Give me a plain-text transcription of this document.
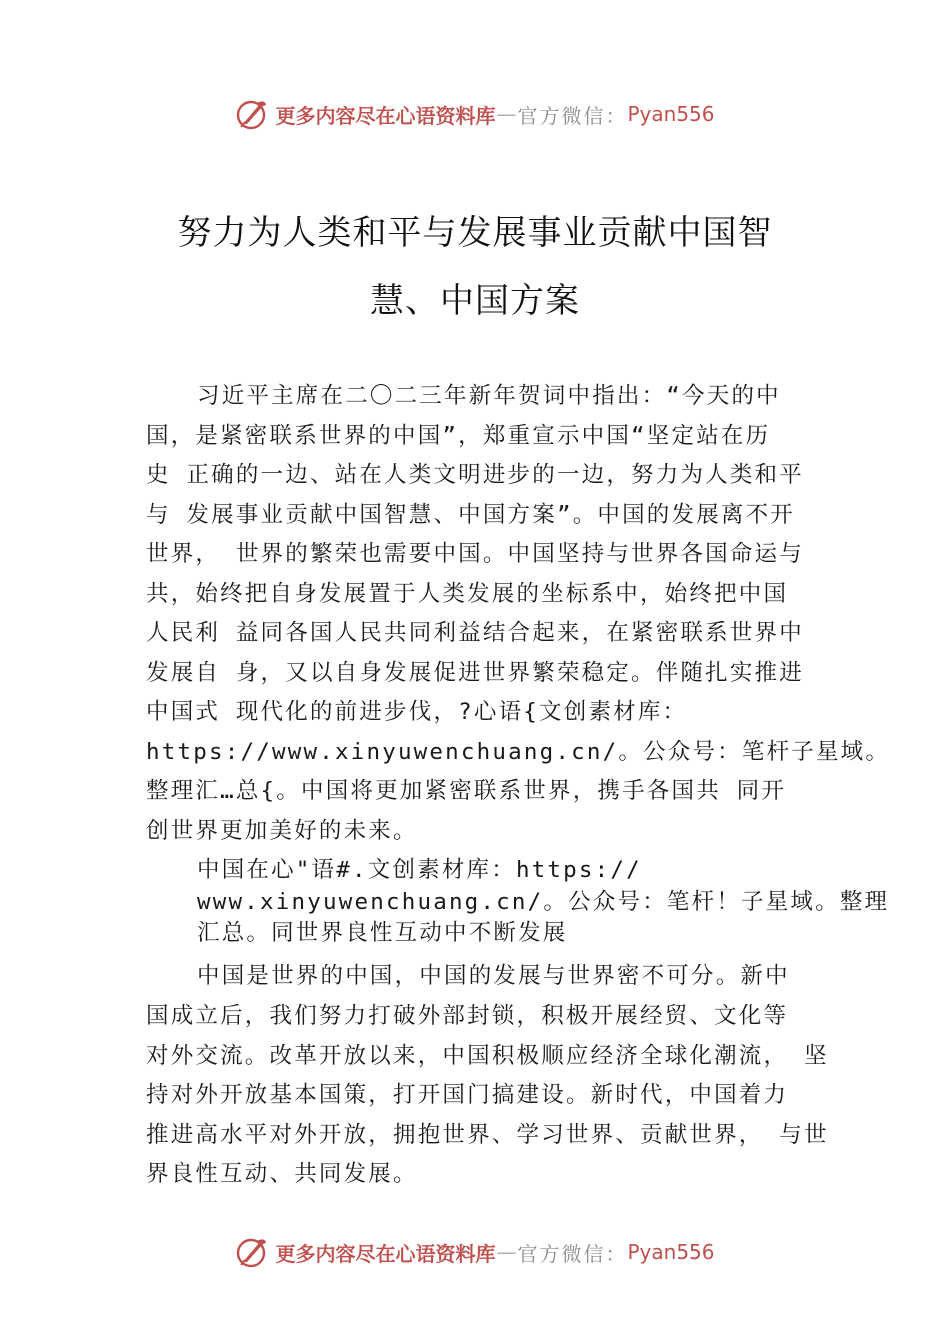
更多内容尽在心语资料库 — 官方微信： Pyan556
努力为人类和平与发展事业贡献中国智
慧、中国方案
习近平主席在二〇二三年新年贺词中指出：“今天的中
国，是紧密联系世界的中国”，郑重宣示中国“坚定站在历
史 正确的一边、站在人类文明进步的一边，努力为人类和平
与 发展事业贡献中国智慧、中国方案”。中国的发展离不开
世界， 世界的繁荣也需要中国。中国坚持与世界各国命运与
共，始终把自身发展置于人类发展的坐标系中，始终把中国
人民利 益同各国人民共同利益结合起来，在紧密联系世界中
发展自 身，又以自身发展促进世界繁荣稳定。伴随扎实推进
中国式 现代化的前进步伐，?心语{文创素材库：
https://www.xinyuwenchuang.cn/。公众号：笔杆子星域。
整理汇…总{。中国将更加紧密联系世界，携手各国共 同开
创世界更加美好的未来。
中国在心"语#.文创素材库：https://
www.xinyuwenchuang.cn/。公众号：笔杆！子星域。整理
汇总。同世界良性互动中不断发展
中国是世界的中国，中国的发展与世界密不可分。新中
国成立后，我们努力打破外部封锁，积极开展经贸、文化等
对外交流。改革开放以来，中国积极顺应经济全球化潮流， 坚
持对外开放基本国策，打开国门搞建设。新时代，中国着力
推进高水平对外开放，拥抱世界、学习世界、贡献世界， 与世
界良性互动、共同发展。
更多内容尽在心语资料库 — 官方微信： Pyan556
